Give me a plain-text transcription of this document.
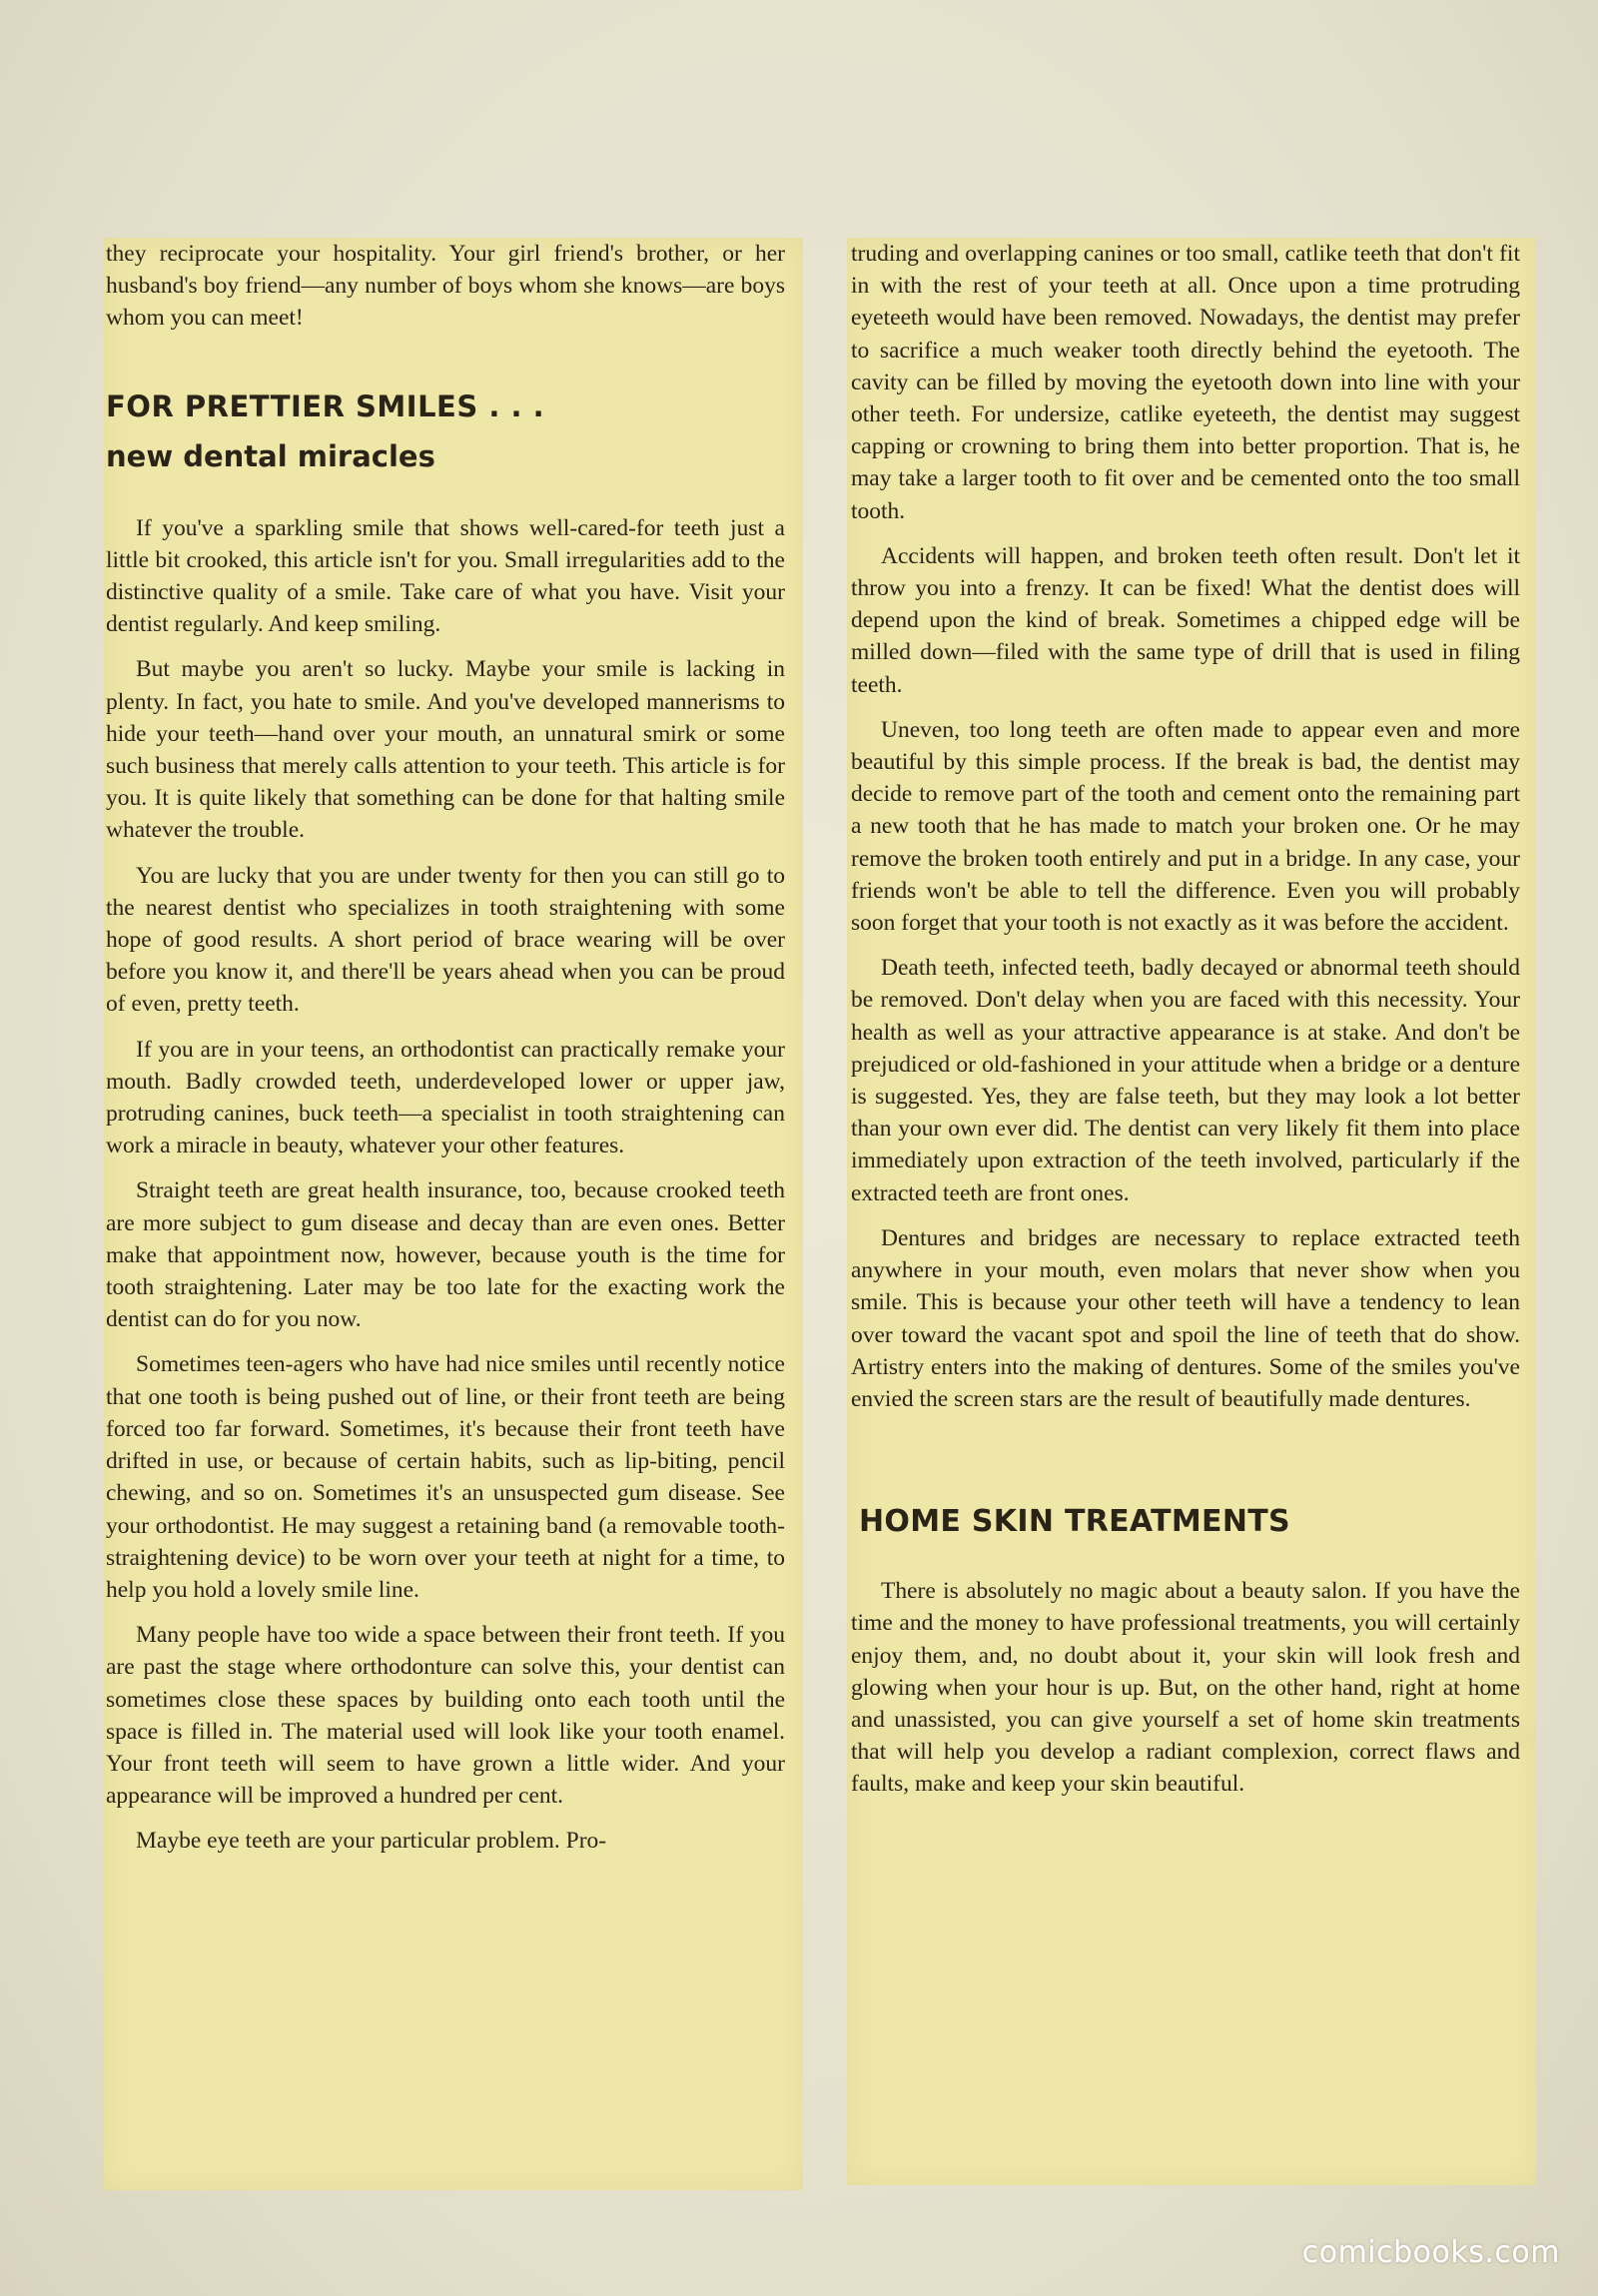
they reciprocate your hospitality. Your girl friend's brother, or her husband's boy friend—any number of boys whom she knows—are boys whom you can meet!

FOR PRETTIER SMILES . . .
new dental miracles

If you've a sparkling smile that shows well-cared-for teeth just a little bit crooked, this article isn't for you. Small irregularities add to the distinctive quality of a smile. Take care of what you have. Visit your dentist regularly. And keep smiling.

But maybe you aren't so lucky. Maybe your smile is lacking in plenty. In fact, you hate to smile. And you've developed mannerisms to hide your teeth—hand over your mouth, an unnatural smirk or some such business that merely calls attention to your teeth. This article is for you. It is quite likely that something can be done for that halting smile whatever the trouble.

You are lucky that you are under twenty for then you can still go to the nearest dentist who specializes in tooth straightening with some hope of good results. A short period of brace wearing will be over before you know it, and there'll be years ahead when you can be proud of even, pretty teeth.

If you are in your teens, an orthodontist can practically remake your mouth. Badly crowded teeth, underdeveloped lower or upper jaw, protruding canines, buck teeth—a specialist in tooth straightening can work a miracle in beauty, whatever your other features.

Straight teeth are great health insurance, too, because crooked teeth are more subject to gum disease and decay than are even ones. Better make that appointment now, however, because youth is the time for tooth straightening. Later may be too late for the exacting work the dentist can do for you now.

Sometimes teen-agers who have had nice smiles until recently notice that one tooth is being pushed out of line, or their front teeth are being forced too far forward. Sometimes, it's because their front teeth have drifted in use, or because of certain habits, such as lip-biting, pencil chewing, and so on. Sometimes it's an unsuspected gum disease. See your orthodontist. He may suggest a retaining band (a removable tooth-straightening device) to be worn over your teeth at night for a time, to help you hold a lovely smile line.

Many people have too wide a space between their front teeth. If you are past the stage where orthodonture can solve this, your dentist can sometimes close these spaces by building onto each tooth until the space is filled in. The material used will look like your tooth enamel. Your front teeth will seem to have grown a little wider. And your appearance will be improved a hundred per cent.

Maybe eye teeth are your particular problem. Pro-

truding and overlapping canines or too small, catlike teeth that don't fit in with the rest of your teeth at all. Once upon a time protruding eyeteeth would have been removed. Nowadays, the dentist may prefer to sacrifice a much weaker tooth directly behind the eyetooth. The cavity can be filled by moving the eyetooth down into line with your other teeth. For undersize, catlike eyeteeth, the dentist may suggest capping or crowning to bring them into better proportion. That is, he may take a larger tooth to fit over and be cemented onto the too small tooth.

Accidents will happen, and broken teeth often result. Don't let it throw you into a frenzy. It can be fixed! What the dentist does will depend upon the kind of break. Sometimes a chipped edge will be milled down—filed with the same type of drill that is used in filing teeth.

Uneven, too long teeth are often made to appear even and more beautiful by this simple process. If the break is bad, the dentist may decide to remove part of the tooth and cement onto the remaining part a new tooth that he has made to match your broken one. Or he may remove the broken tooth entirely and put in a bridge. In any case, your friends won't be able to tell the difference. Even you will probably soon forget that your tooth is not exactly as it was before the accident.

Death teeth, infected teeth, badly decayed or abnormal teeth should be removed. Don't delay when you are faced with this necessity. Your health as well as your attractive appearance is at stake. And don't be prejudiced or old-fashioned in your attitude when a bridge or a denture is suggested. Yes, they are false teeth, but they may look a lot better than your own ever did. The dentist can very likely fit them into place immediately upon extraction of the teeth involved, particularly if the extracted teeth are front ones.

Dentures and bridges are necessary to replace extracted teeth anywhere in your mouth, even molars that never show when you smile. This is because your other teeth will have a tendency to lean over toward the vacant spot and spoil the line of teeth that do show. Artistry enters into the making of dentures. Some of the smiles you've envied the screen stars are the result of beautifully made dentures.

HOME SKIN TREATMENTS

There is absolutely no magic about a beauty salon. If you have the time and the money to have professional treatments, you will certainly enjoy them, and, no doubt about it, your skin will look fresh and glowing when your hour is up. But, on the other hand, right at home and unassisted, you can give yourself a set of home skin treatments that will help you develop a radiant complexion, correct flaws and faults, make and keep your skin beautiful.

comicbooks.com
